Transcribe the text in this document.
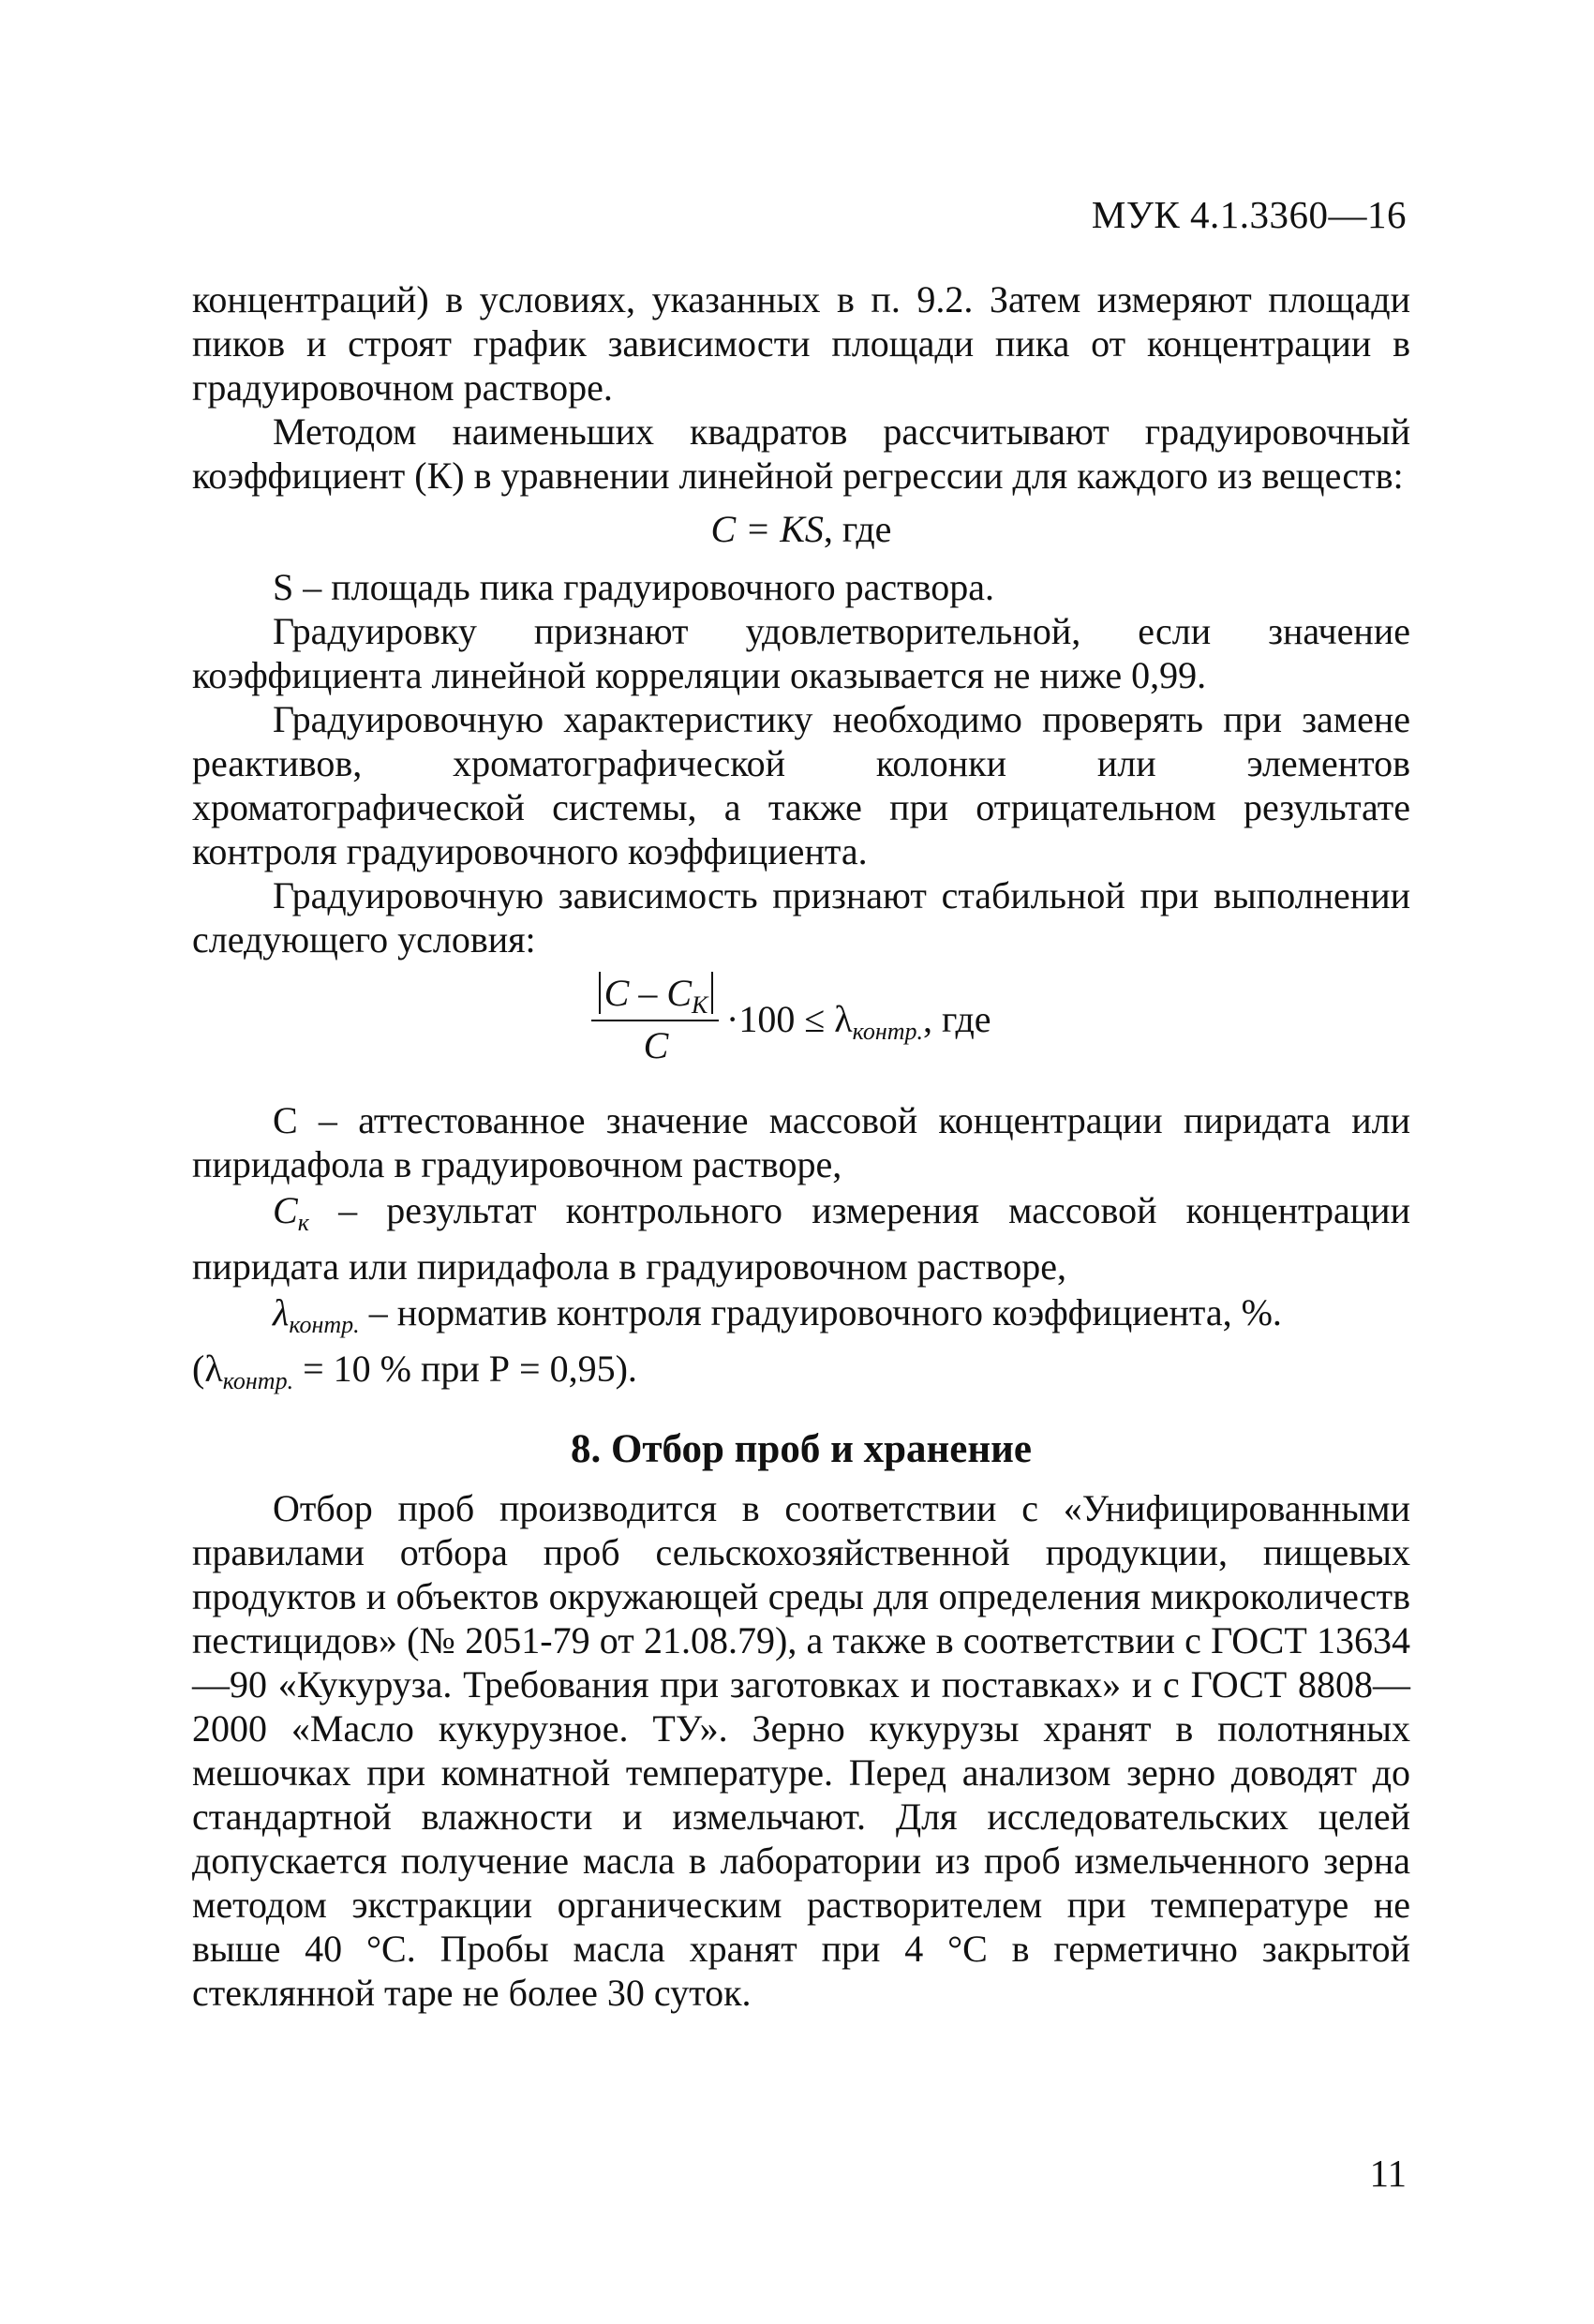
МУК 4.1.3360—16

концентраций) в условиях, указанных в п. 9.2. Затем измеряют площади пиков и строят график зависимости площади пика от концентрации в градуировочном растворе.

Методом наименьших квадратов рассчитывают градуировочный коэффициент (К) в уравнении линейной регрессии для каждого из веществ:

C = KS, где

S – площадь пика градуировочного раствора.

Градуировку признают удовлетворительной, если значение коэффициента линейной корреляции оказывается не ниже 0,99.

Градуировочную характеристику необходимо проверять при замене реактивов, хроматографической колонки или элементов хроматографической системы, а также при отрицательном результате контроля градуировочного коэффициента.

Градуировочную зависимость признают стабильной при выполнении следующего условия:

C – $C_K$
C
$\cdot 100 \le \lambda_{контр.}$, где

C – аттестованное значение массовой концентрации пиридата или пиридафола в градуировочном растворе,

$C_к$ – результат контрольного измерения массовой концентрации пиридата или пиридафола в градуировочном растворе,

$\lambda_{контр.}$ – норматив контроля градуировочного коэффициента, %.

($\lambda_{контр.} = 10$ % при Р = 0,95).

8. Отбор проб и хранение

Отбор проб производится в соответствии с «Унифицированными правилами отбора проб сельскохозяйственной продукции, пищевых продуктов и объектов окружающей среды для определения микроколичеств пестицидов» (№ 2051-79 от 21.08.79), а также в соответствии с ГОСТ 13634—90 «Кукуруза. Требования при заготовках и поставках» и с ГОСТ 8808—2000 «Масло кукурузное. ТУ». Зерно кукурузы хранят в полотняных мешочках при комнатной температуре. Перед анализом зерно доводят до стандартной влажности и измельчают. Для исследовательских целей допускается получение масла в лаборатории из проб измельченного зерна методом экстракции органическим растворителем при температуре не выше 40 °С. Пробы масла хранят при 4 °С в герметично закрытой стеклянной таре не более 30 суток.

11
